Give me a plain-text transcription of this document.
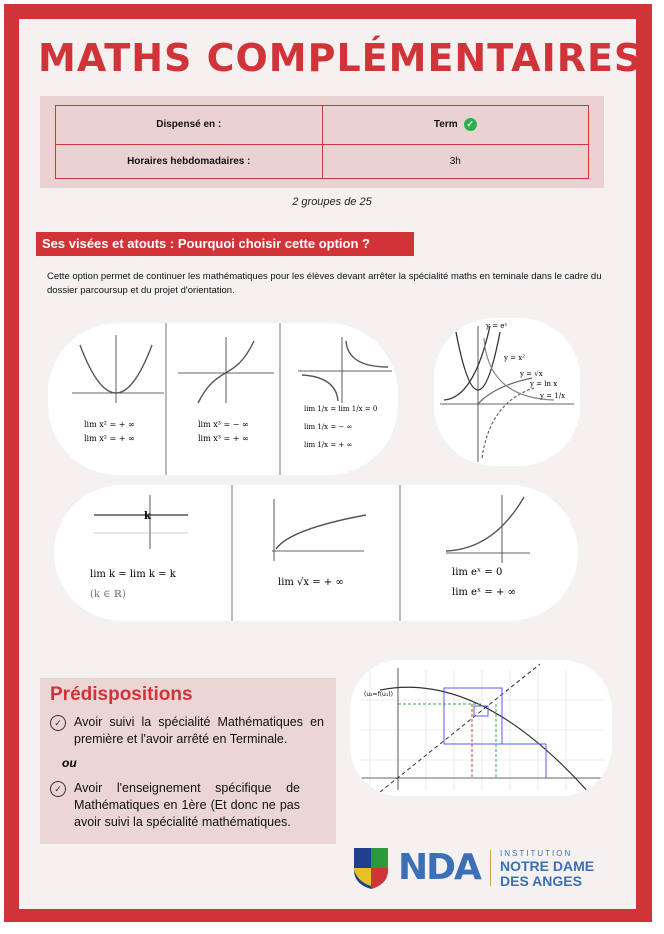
MATHS COMPLÉMENTAIRES
Dispensé en :	Term ✓

Horaires hebdomadaires :	3h
2 groupes de 25
Ses visées et atouts : Pourquoi choisir cette option ?
Cette option permet de continuer les mathématiques pour les élèves devant arrêter la spécialité maths en teminale dans le cadre du dossier parcoursup et du projet d'orientation.
lim x² = + ∞
lim x² = + ∞
lim x³ = − ∞
lim x³ = + ∞
lim 1/x = lim 1/x = 0
lim 1/x = − ∞
lim 1/x = + ∞
y = eˣ
y = x²
y = √x
y = ln x
y = 1/x
k
lim k = lim k = k
(k ∈ ℝ)
lim √x = + ∞
lim eˣ = 0
lim eˣ = + ∞
(u₂=f(u₁))
Prédispositions
✓ Avoir suivi la spécialité Mathématiques en première et l'avoir arrêté en Terminale.
ou
✓ Avoir l'enseignement spécifique de Mathématiques en 1ère (Et donc ne pas avoir suivi la spécialité mathématiques.
NDA	INSTITUTION
NOTRE DAME
DES ANGES
